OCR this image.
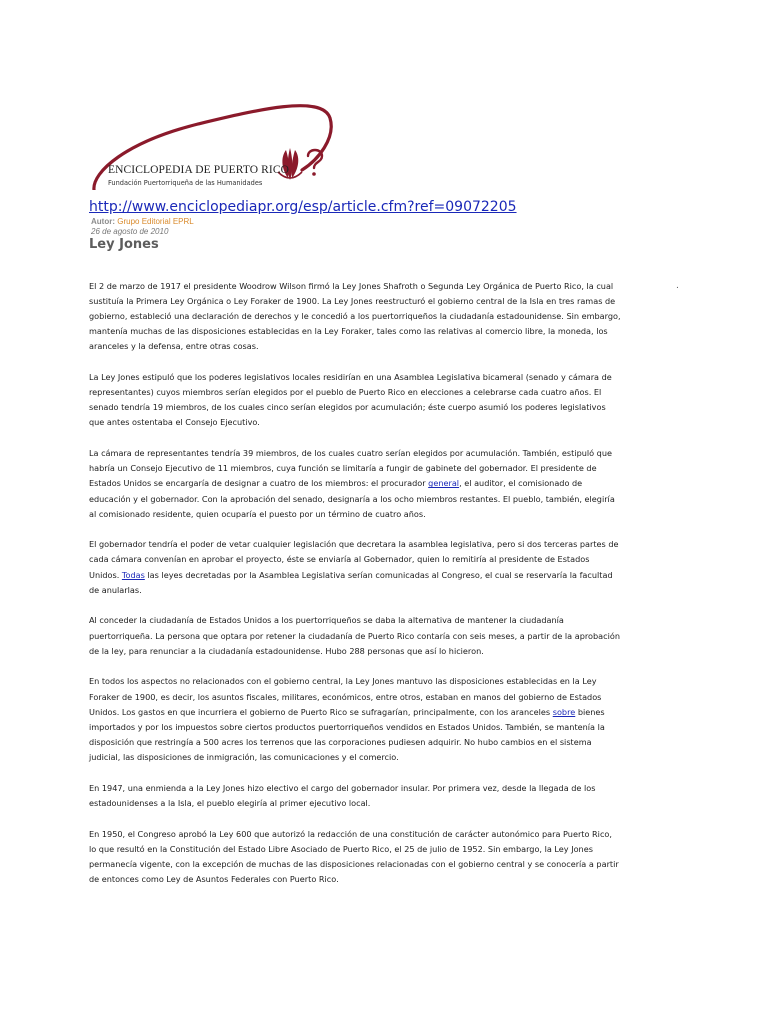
ENCICLOPEDIA DE PUERTO RICO
Fundación Puertorriqueña de las Humanidades
http://www.enciclopediapr.org/esp/article.cfm?ref=09072205
Autor: Grupo Editorial EPRL
26 de agosto de 2010
Ley Jones
.

El 2 de marzo de 1917 el presidente Woodrow Wilson firmó la Ley Jones Shafroth o Segunda Ley Orgánica de Puerto Rico, la cual
sustituía la Primera Ley Orgánica o Ley Foraker de 1900. La Ley Jones reestructuró el gobierno central de la Isla en tres ramas de
gobierno, estableció una declaración de derechos y le concedió a los puertorriqueños la ciudadanía estadounidense. Sin embargo,
mantenía muchas de las disposiciones establecidas en la Ley Foraker, tales como las relativas al comercio libre, la moneda, los
aranceles y la defensa, entre otras cosas.

La Ley Jones estipuló que los poderes legislativos locales residirían en una Asamblea Legislativa bicameral (senado y cámara de
representantes) cuyos miembros serían elegidos por el pueblo de Puerto Rico en elecciones a celebrarse cada cuatro años. El
senado tendría 19 miembros, de los cuales cinco serían elegidos por acumulación; éste cuerpo asumió los poderes legislativos
que antes ostentaba el Consejo Ejecutivo.

La cámara de representantes tendría 39 miembros, de los cuales cuatro serían elegidos por acumulación. También, estipuló que
habría un Consejo Ejecutivo de 11 miembros, cuya función se limitaría a fungir de gabinete del gobernador. El presidente de
Estados Unidos se encargaría de designar a cuatro de los miembros: el procurador general, el auditor, el comisionado de
educación y el gobernador. Con la aprobación del senado, designaría a los ocho miembros restantes. El pueblo, también, elegiría
al comisionado residente, quien ocuparía el puesto por un término de cuatro años.

El gobernador tendría el poder de vetar cualquier legislación que decretara la asamblea legislativa, pero si dos terceras partes de
cada cámara convenían en aprobar el proyecto, éste se enviaría al Gobernador, quien lo remitiría al presidente de Estados
Unidos. Todas las leyes decretadas por la Asamblea Legislativa serían comunicadas al Congreso, el cual se reservaría la facultad
de anularlas.

Al conceder la ciudadanía de Estados Unidos a los puertorriqueños se daba la alternativa de mantener la ciudadanía
puertorriqueña. La persona que optara por retener la ciudadanía de Puerto Rico contaría con seis meses, a partir de la aprobación
de la ley, para renunciar a la ciudadanía estadounidense. Hubo 288 personas que así lo hicieron.

En todos los aspectos no relacionados con el gobierno central, la Ley Jones mantuvo las disposiciones establecidas en la Ley
Foraker de 1900, es decir, los asuntos fiscales, militares, económicos, entre otros, estaban en manos del gobierno de Estados
Unidos. Los gastos en que incurriera el gobierno de Puerto Rico se sufragarían, principalmente, con los aranceles sobre bienes
importados y por los impuestos sobre ciertos productos puertorriqueños vendidos en Estados Unidos. También, se mantenía la
disposición que restringía a 500 acres los terrenos que las corporaciones pudiesen adquirir. No hubo cambios en el sistema
judicial, las disposiciones de inmigración, las comunicaciones y el comercio.

En 1947, una enmienda a la Ley Jones hizo electivo el cargo del gobernador insular. Por primera vez, desde la llegada de los
estadounidenses a la Isla, el pueblo elegiría al primer ejecutivo local.

En 1950, el Congreso aprobó la Ley 600 que autorizó la redacción de una constitución de carácter autonómico para Puerto Rico,
lo que resultó en la Constitución del Estado Libre Asociado de Puerto Rico, el 25 de julio de 1952. Sin embargo, la Ley Jones
permanecía vigente, con la excepción de muchas de las disposiciones relacionadas con el gobierno central y se conocería a partir
de entonces como Ley de Asuntos Federales con Puerto Rico.
